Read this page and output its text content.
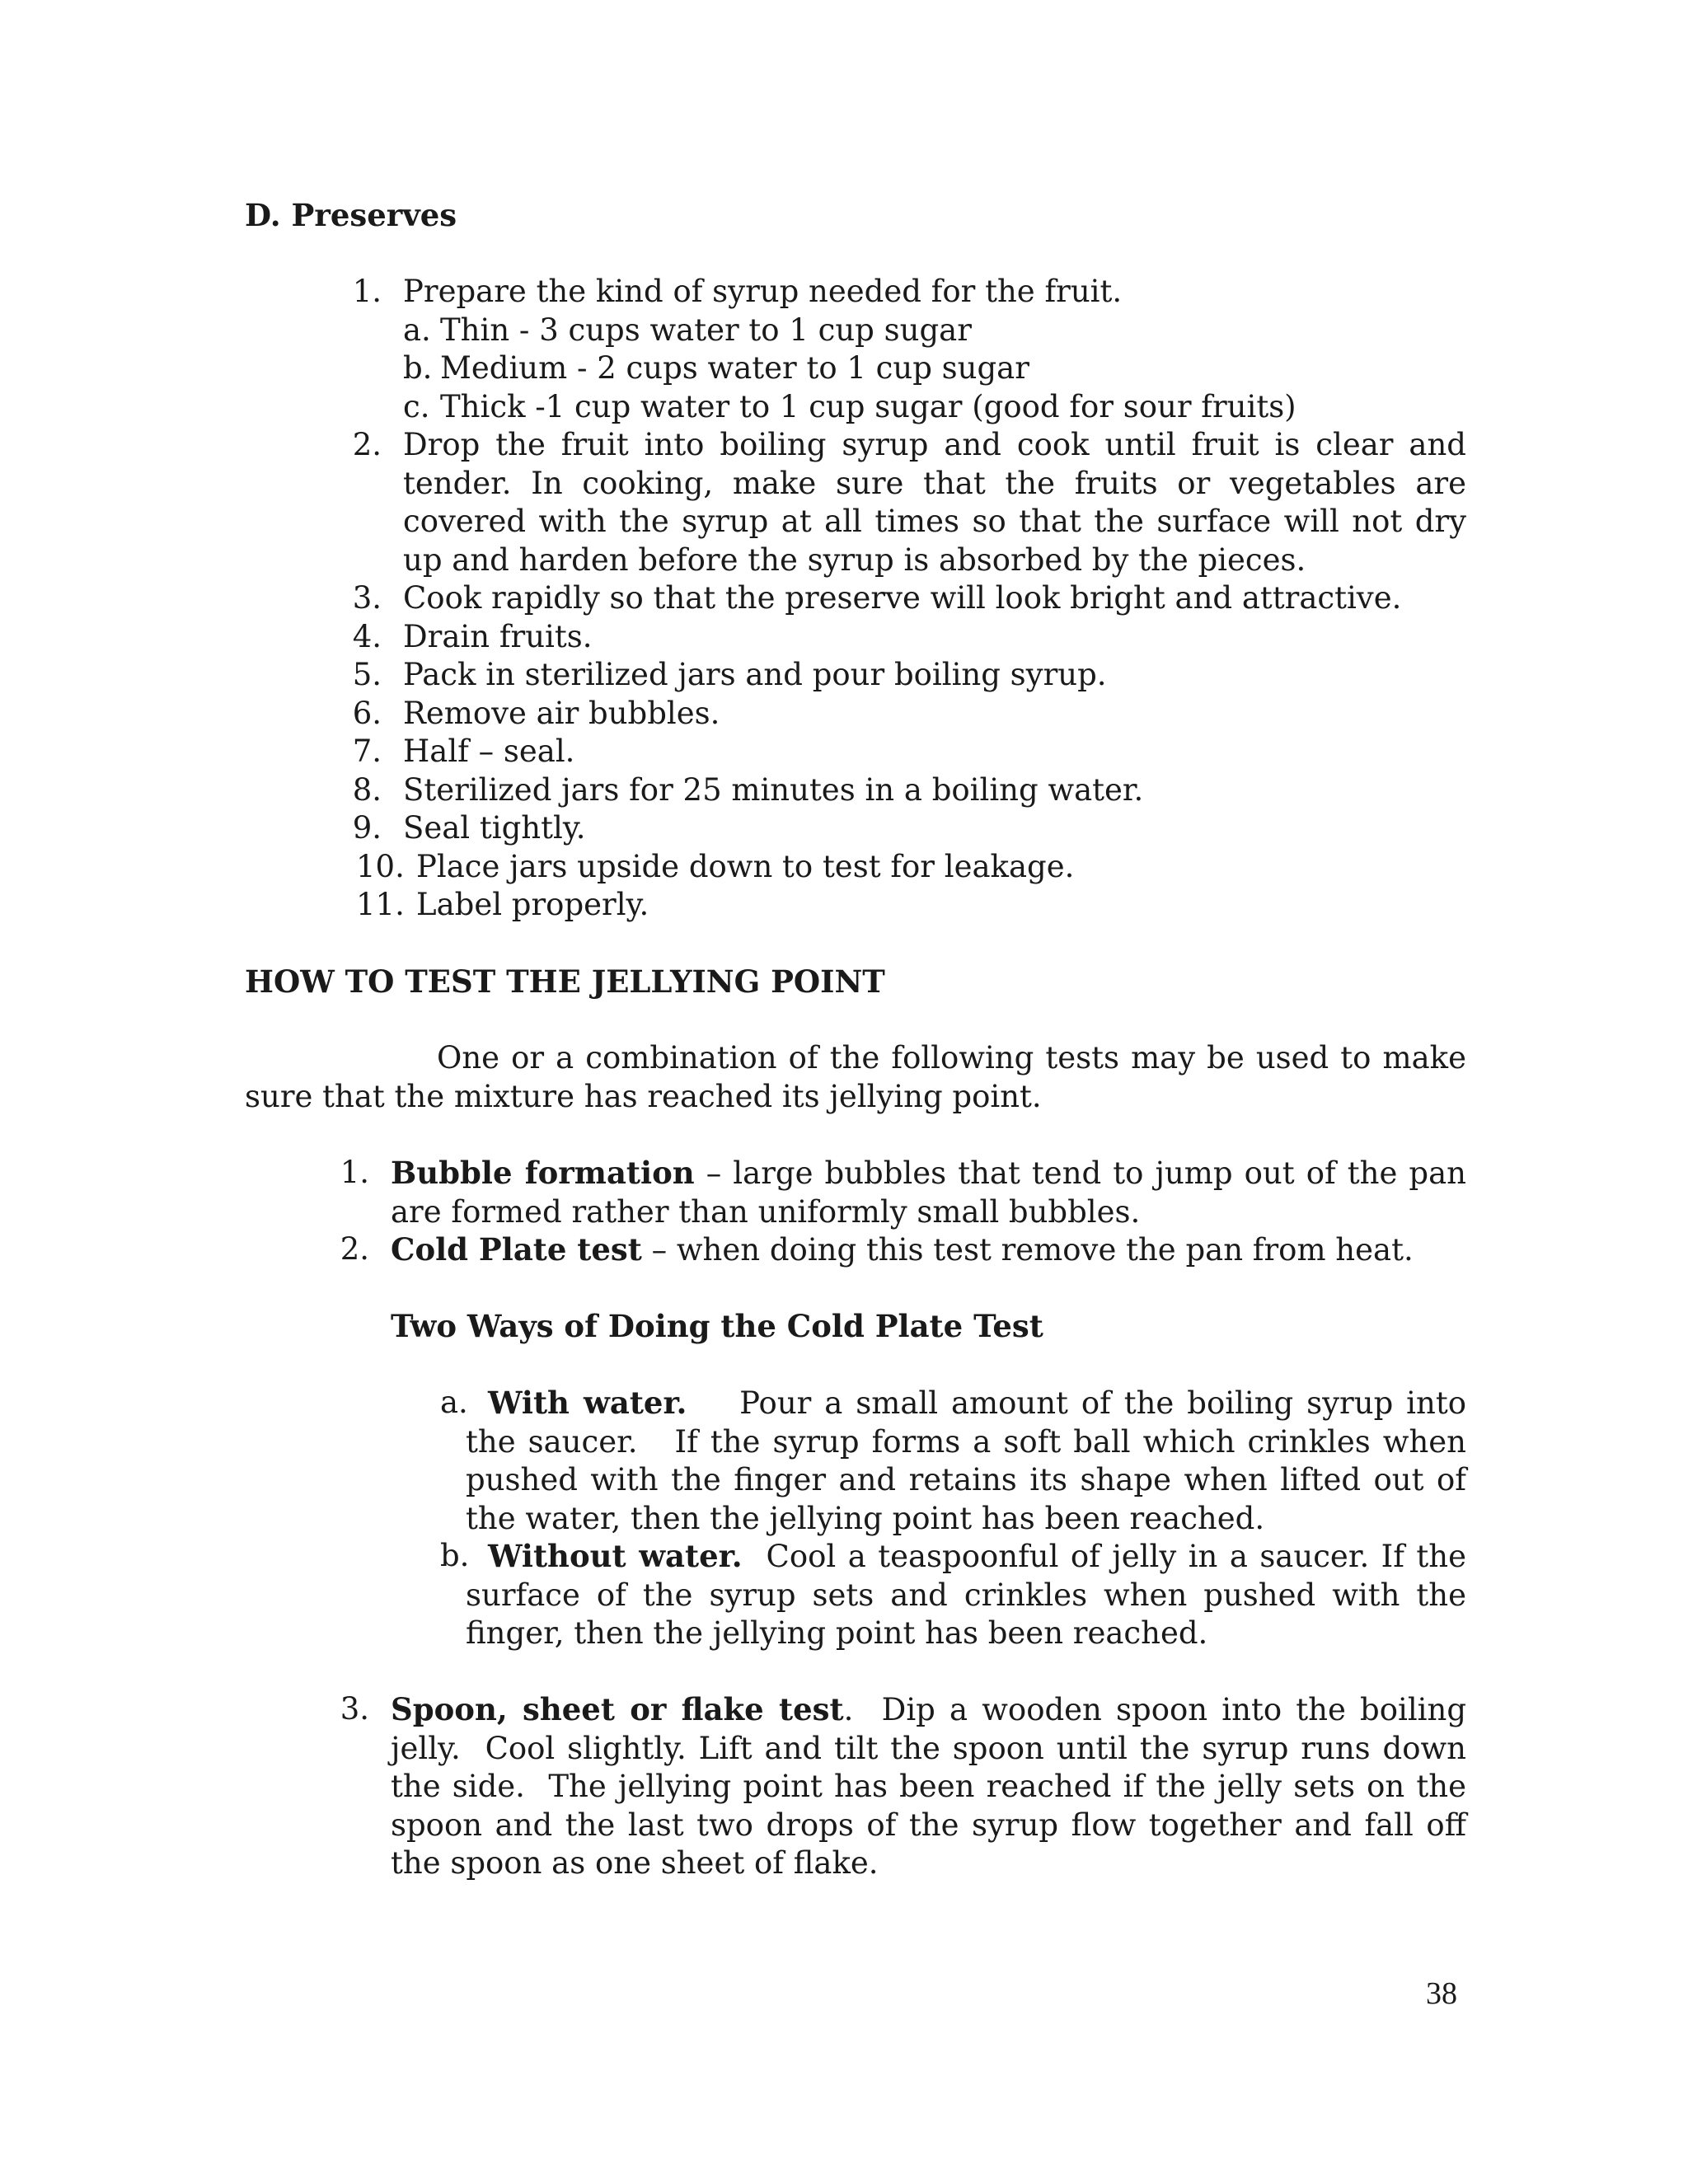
D. Preserves
1. Prepare the kind of syrup needed for the fruit.
a. Thin - 3 cups water to 1 cup sugar
b. Medium - 2 cups water to 1 cup sugar
c. Thick -1 cup water to 1 cup sugar (good for sour fruits)
2. Drop the fruit into boiling syrup and cook until fruit is clear and tender. In cooking, make sure that the fruits or vegetables are covered with the syrup at all times so that the surface will not dry up and harden before the syrup is absorbed by the pieces.
3. Cook rapidly so that the preserve will look bright and attractive.
4. Drain fruits.
5. Pack in sterilized jars and pour boiling syrup.
6. Remove air bubbles.
7. Half – seal.
8. Sterilized jars for 25 minutes in a boiling water.
9. Seal tightly.
10. Place jars upside down to test for leakage.
11. Label properly.
HOW TO TEST THE JELLYING POINT
One or a combination of the following tests may be used to make sure that the mixture has reached its jellying point.
1. Bubble formation – large bubbles that tend to jump out of the pan are formed rather than uniformly small bubbles.
2. Cold Plate test – when doing this test remove the pan from heat.
Two Ways of Doing the Cold Plate Test
a. With water.    Pour a small amount of the boiling syrup into the saucer.   If the syrup forms a soft ball which crinkles when pushed with the finger and retains its shape when lifted out of the water, then the jellying point has been reached.
b. Without water.  Cool a teaspoonful of jelly in a saucer. If the surface of the syrup sets and crinkles when pushed with the finger, then the jellying point has been reached.
3. Spoon, sheet or flake test.  Dip a wooden spoon into the boiling jelly.  Cool slightly. Lift and tilt the spoon until the syrup runs down the side.  The jellying point has been reached if the jelly sets on the spoon and the last two drops of the syrup flow together and fall off the spoon as one sheet of flake.
38
